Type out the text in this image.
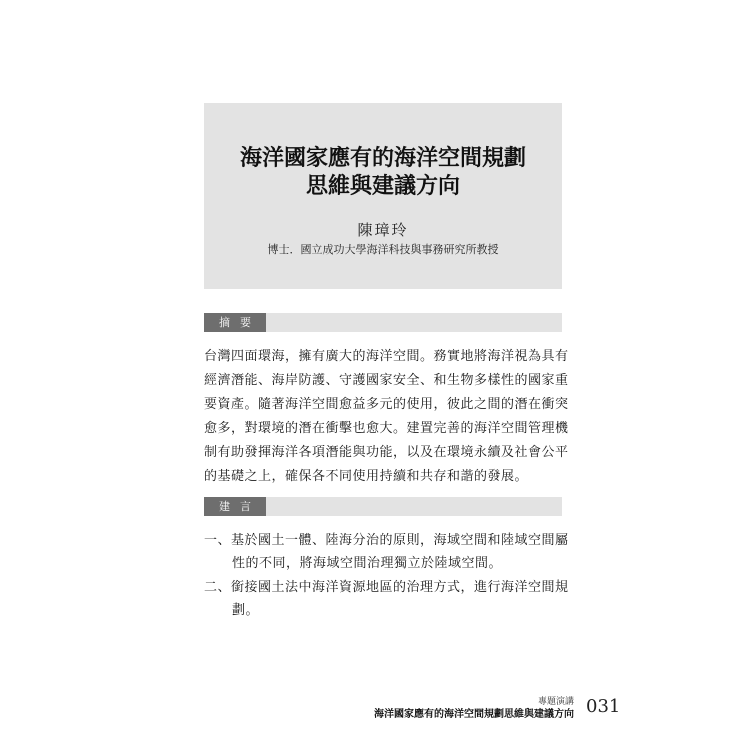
海洋國家應有的海洋空間規劃
思維與建議方向
陳璋玲
博士．國立成功大學海洋科技與事務研究所教授
摘要
台灣四面環海，擁有廣大的海洋空間。務實地將海洋視為具有
經濟潛能、海岸防護、守護國家安全、和生物多樣性的國家重
要資產。隨著海洋空間愈益多元的使用，彼此之間的潛在衝突
愈多，對環境的潛在衝擊也愈大。建置完善的海洋空間管理機
制有助發揮海洋各項潛能與功能，以及在環境永續及社會公平
的基礎之上，確保各不同使用持續和共存和諧的發展。
建言
一、基於國土一體、陸海分治的原則，海域空間和陸域空間屬
性的不同，將海域空間治理獨立於陸域空間。
二、銜接國土法中海洋資源地區的治理方式，進行海洋空間規
劃。
專題演講
海洋國家應有的海洋空間規劃思維與建議方向 031
